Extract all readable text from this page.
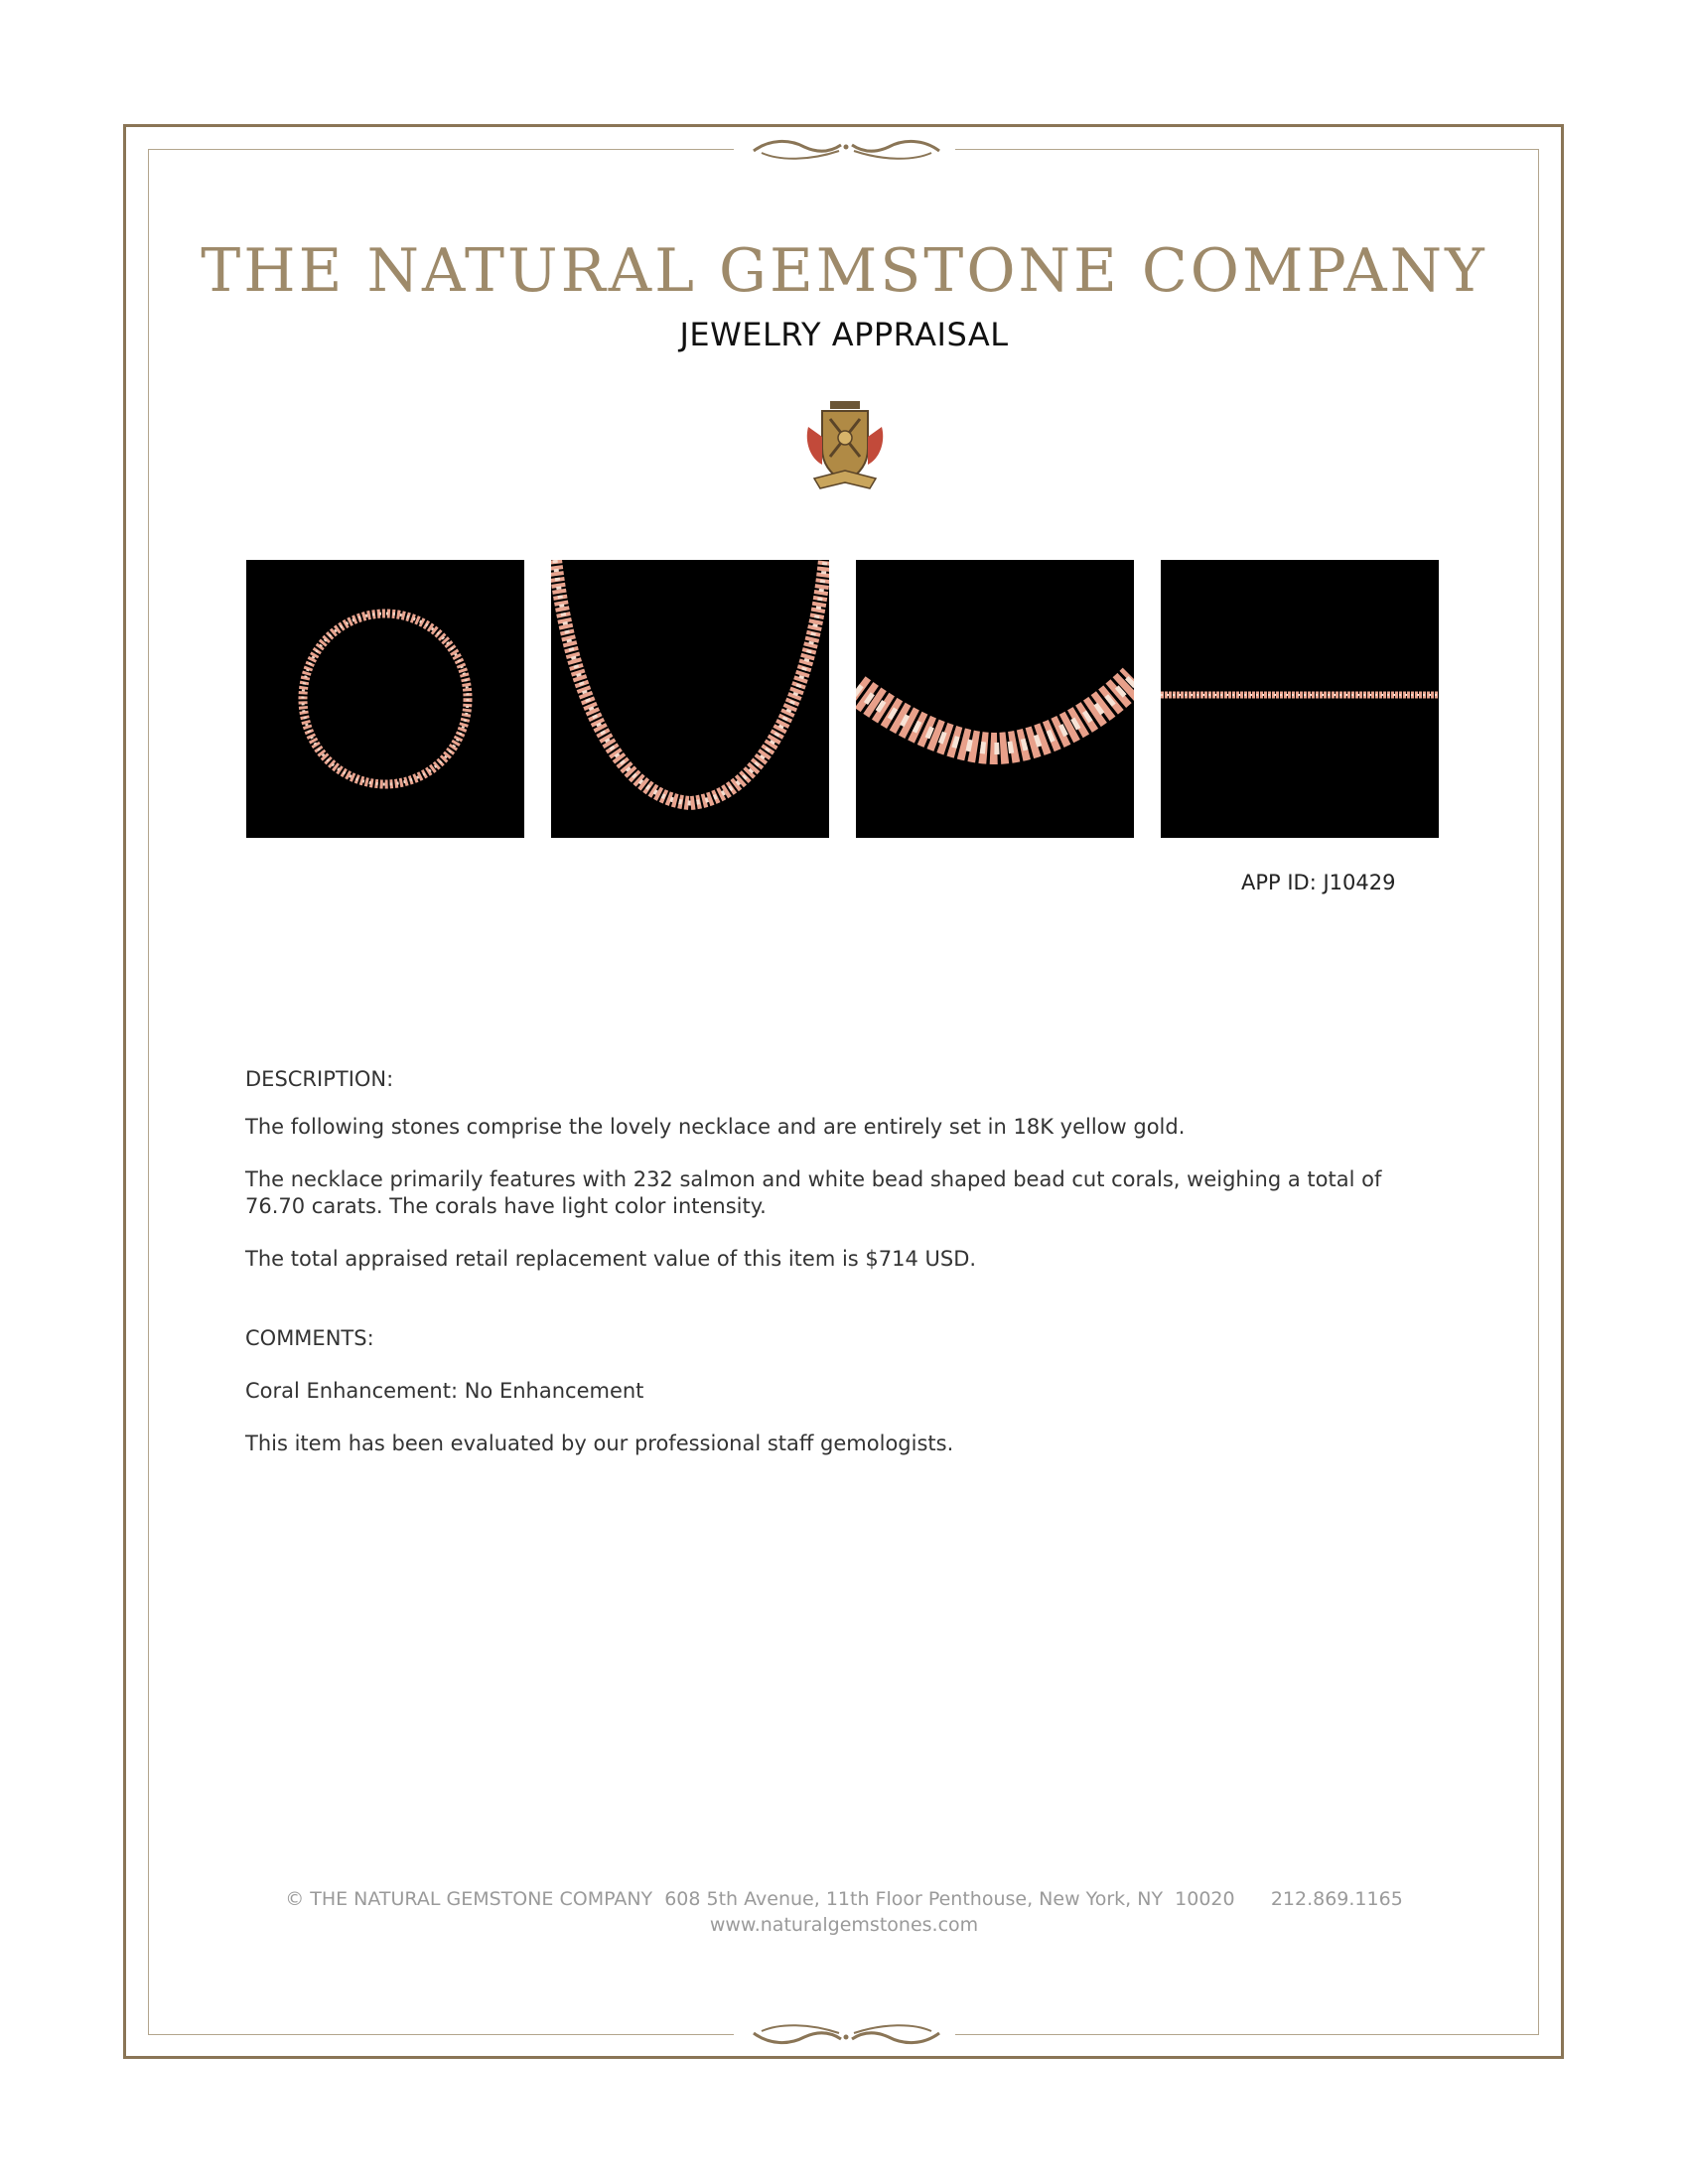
THE NATURAL GEMSTONE COMPANY
JEWELRY APPRAISAL
APP ID: J10429
DESCRIPTION:
The following stones comprise the lovely necklace and are entirely set in 18K yellow gold.
The necklace primarily features with 232 salmon and white bead shaped bead cut corals, weighing a total of
76.70 carats. The corals have light color intensity.
The total appraised retail replacement value of this item is $714 USD.
COMMENTS:
Coral Enhancement: No Enhancement
This item has been evaluated by our professional staff gemologists.
© THE NATURAL GEMSTONE COMPANY  608 5th Avenue, 11th Floor Penthouse, New York, NY  10020      212.869.1165
www.naturalgemstones.com
